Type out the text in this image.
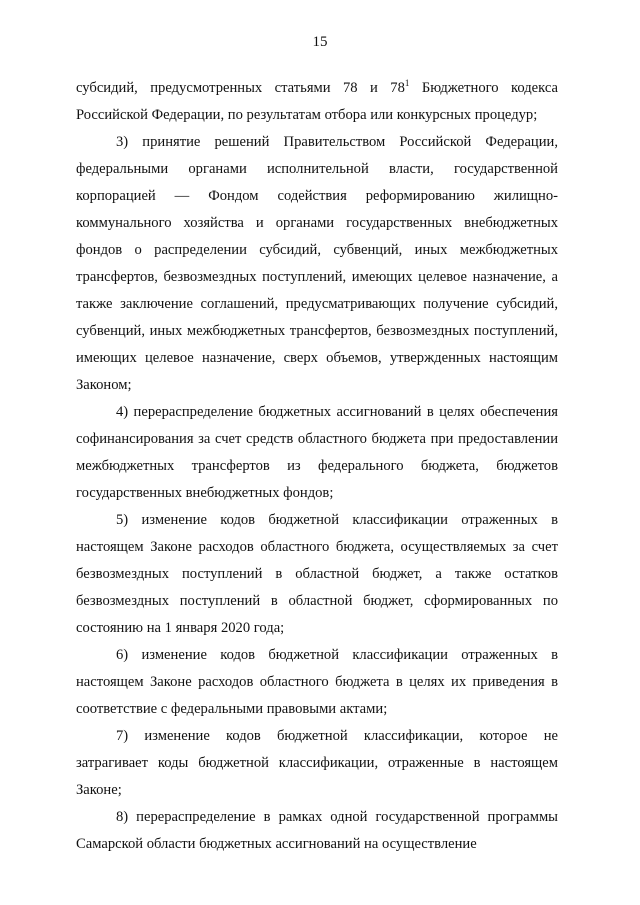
15

субсидий, предусмотренных статьями 78 и $78^1$ Бюджетного кодекса Российской Федерации, по результатам отбора или конкурсных процедур;

3) принятие решений Правительством Российской Федерации, федеральными органами исполнительной власти, государственной корпорацией — Фондом содействия реформированию жилищно-коммунального хозяйства и органами государственных внебюджетных фондов о распределении субсидий, субвенций, иных межбюджетных трансфертов, безвозмездных поступлений, имеющих целевое назначение, а также заключение соглашений, предусматривающих получение субсидий, субвенций, иных межбюджетных трансфертов, безвозмездных поступлений, имеющих целевое назначение, сверх объемов, утвержденных настоящим Законом;

4) перераспределение бюджетных ассигнований в целях обеспечения софинансирования за счет средств областного бюджета при предоставлении межбюджетных трансфертов из федерального бюджета, бюджетов государственных внебюджетных фондов;

5) изменение кодов бюджетной классификации отраженных в настоящем Законе расходов областного бюджета, осуществляемых за счет безвозмездных поступлений в областной бюджет, а также остатков безвозмездных поступлений в областной бюджет, сформированных по состоянию на 1 января 2020 года;

6) изменение кодов бюджетной классификации отраженных в настоящем Законе расходов областного бюджета в целях их приведения в соответствие с федеральными правовыми актами;

7) изменение кодов бюджетной классификации, которое не затрагивает коды бюджетной классификации, отраженные в настоящем Законе;

8) перераспределение в рамках одной государственной программы Самарской области бюджетных ассигнований на осуществление
